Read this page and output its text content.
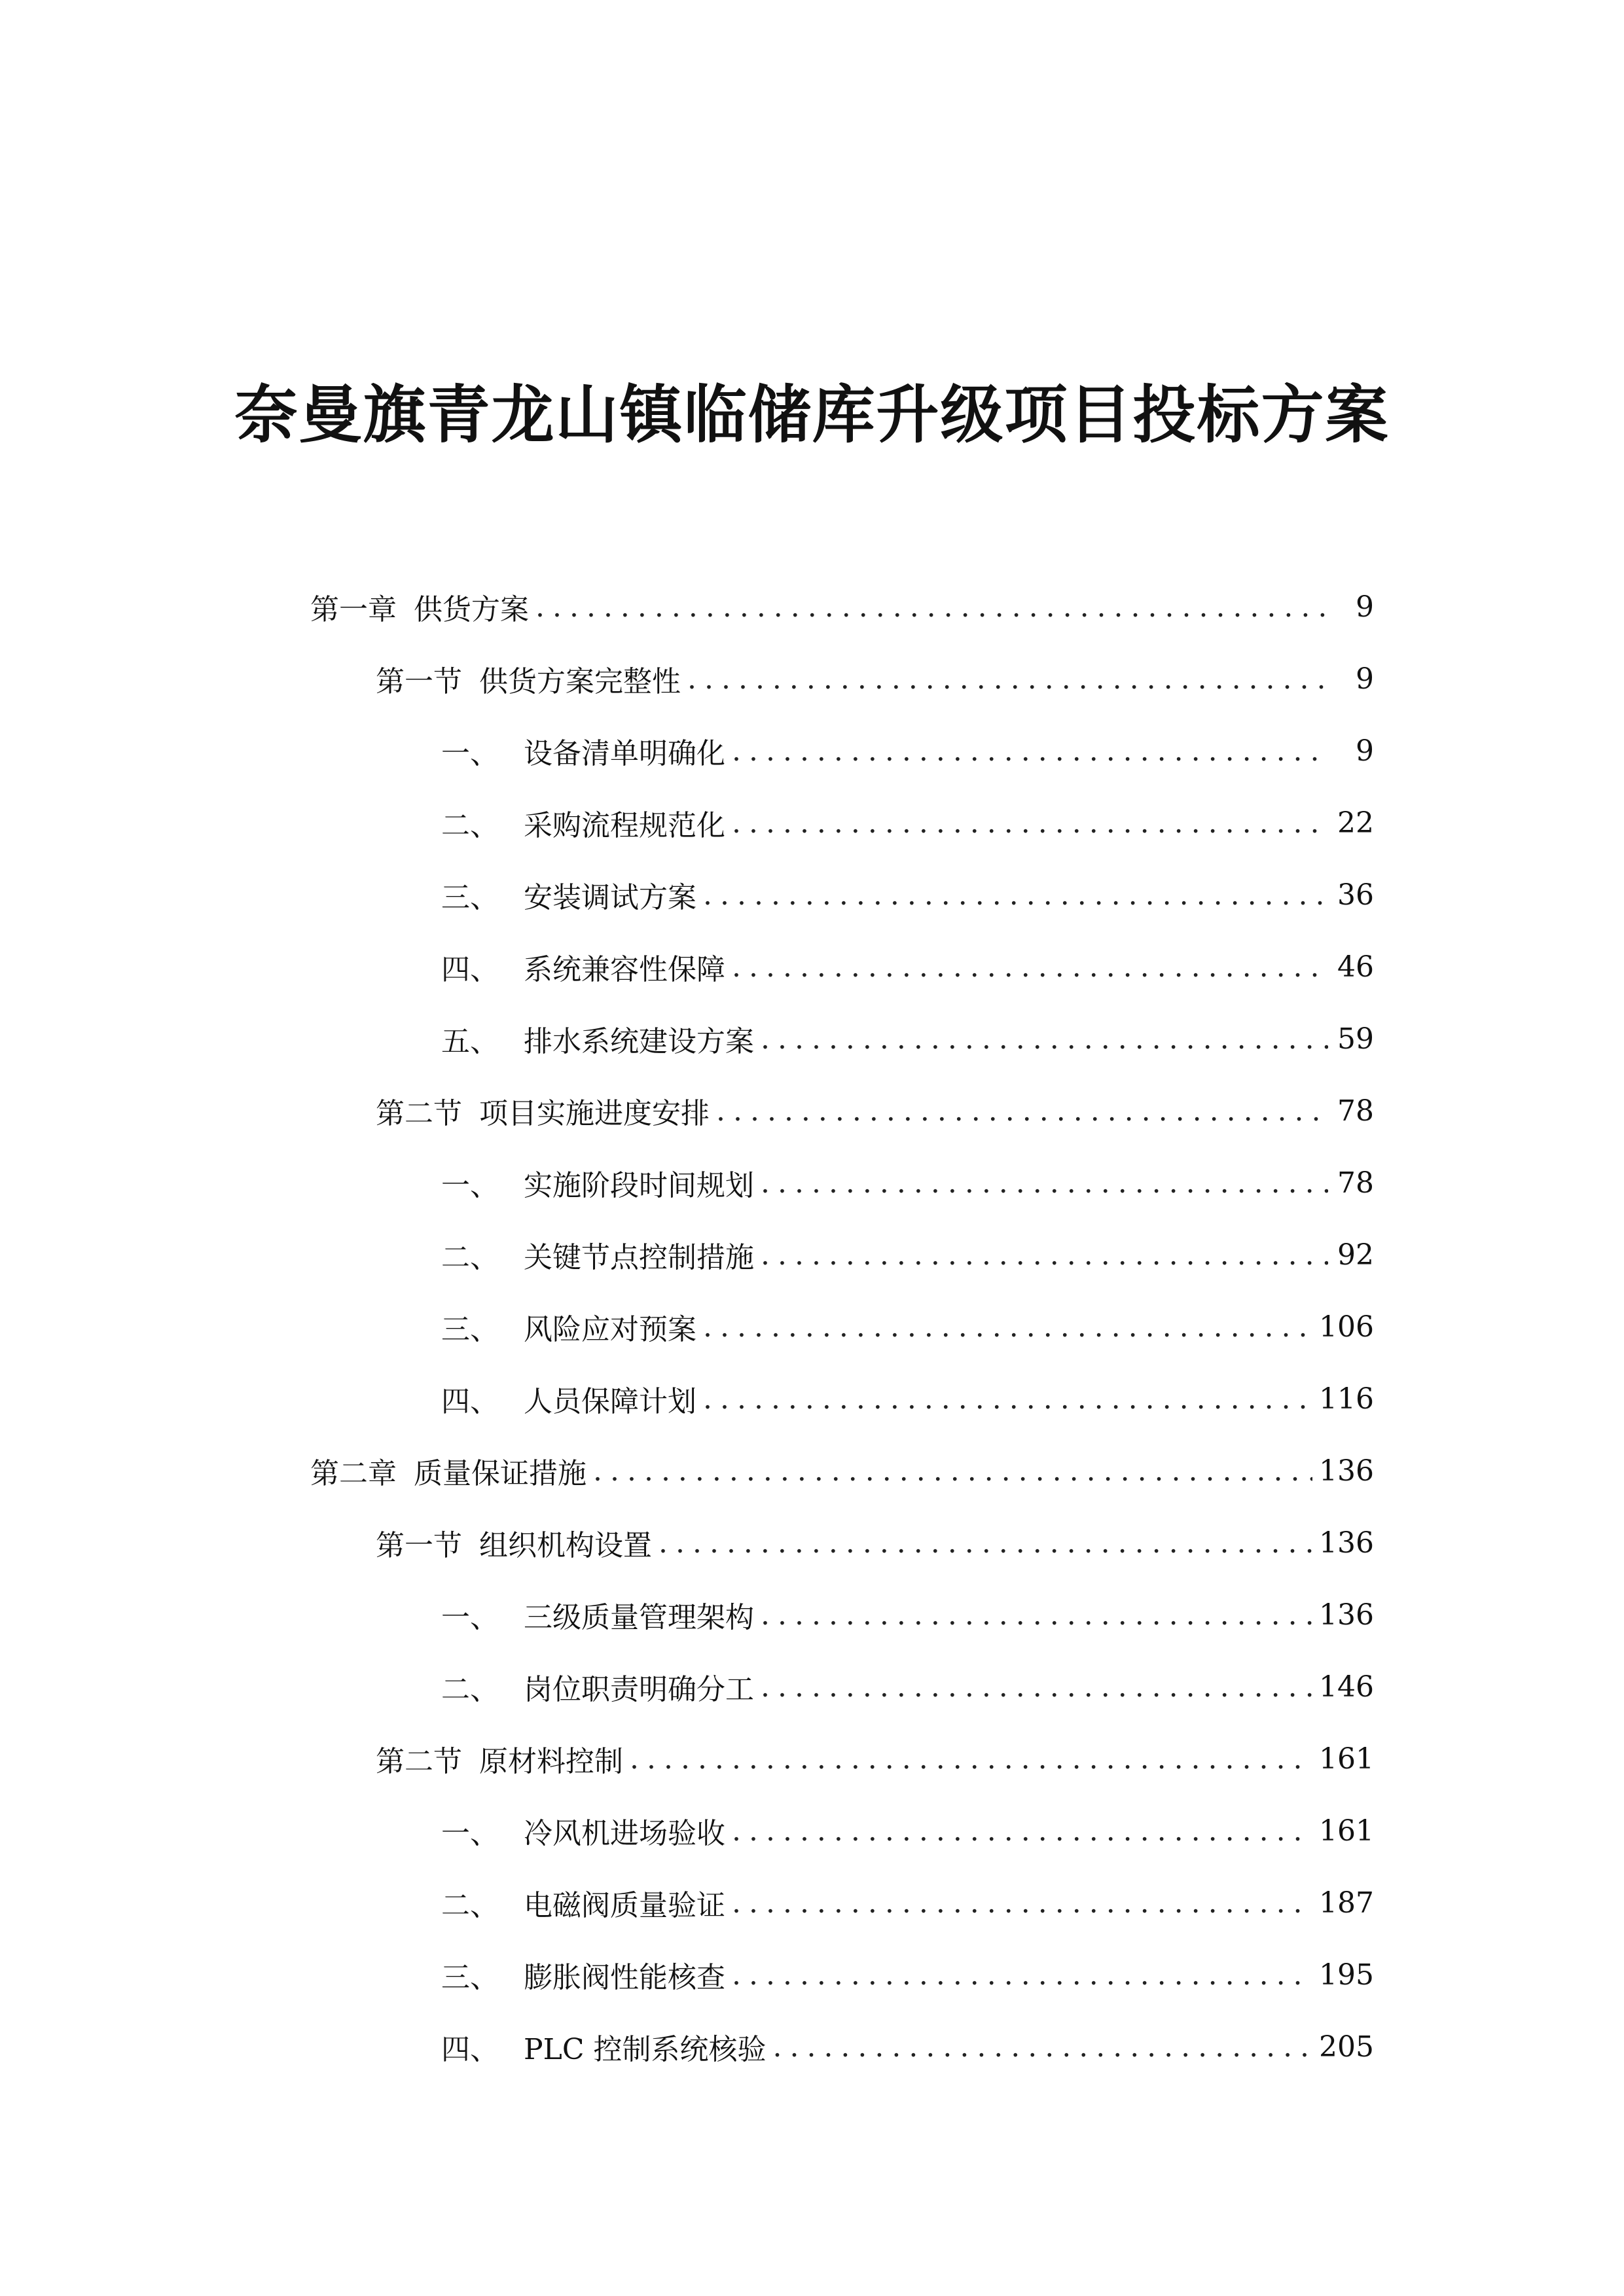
奈曼旗青龙山镇临储库升级项目投标方案
第一章 供货方案 .....	9
第一节 供货方案完整性 .....	9
一、 设备清单明确化 .....	9
二、 采购流程规范化 .....	22
三、 安装调试方案 .....	36
四、 系统兼容性保障 .....	46
五、 排水系统建设方案 .....	59
第二节 项目实施进度安排 .....	78
一、 实施阶段时间规划 .....	78
二、 关键节点控制措施 .....	92
三、 风险应对预案 .....	106
四、 人员保障计划 .....	116
第二章 质量保证措施 .....	136
第一节 组织机构设置 .....	136
一、 三级质量管理架构 .....	136
二、 岗位职责明确分工 .....	146
第二节 原材料控制 .....	161
一、 冷风机进场验收 .....	161
二、 电磁阀质量验证 .....	187
三、 膨胀阀性能核查 .....	195
四、 PLC 控制系统核验 .....	205
